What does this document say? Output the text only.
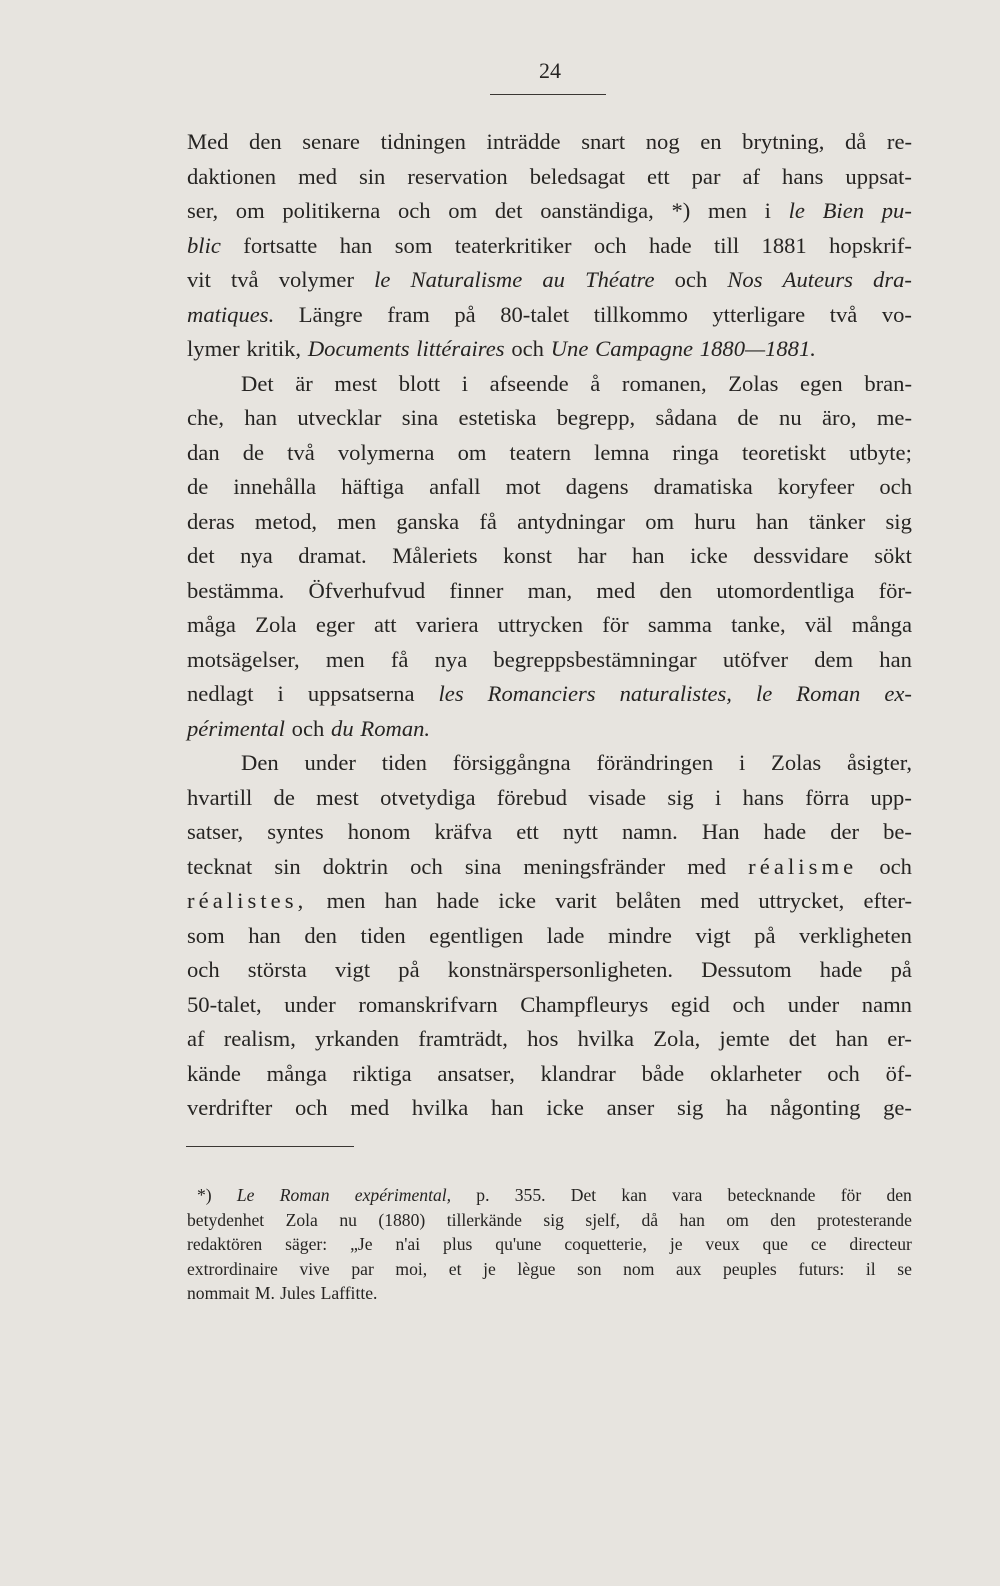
24
Med den senare tidningen inträdde snart nog en brytning, då re-
daktionen med sin reservation beledsagat ett par af hans uppsat-
ser, om politikerna och om det oanständiga, *) men i le Bien pu-
blic fortsatte han som teaterkritiker och hade till 1881 hopskrif-
vit två volymer le Naturalisme au Théatre och Nos Auteurs dra-
matiques. Längre fram på 80-talet tillkommo ytterligare två vo-
lymer kritik, Documents littéraires och Une Campagne 1880—1881.
Det är mest blott i afseende å romanen, Zolas egen bran-
che, han utvecklar sina estetiska begrepp, sådana de nu äro, me-
dan de två volymerna om teatern lemna ringa teoretiskt utbyte;
de innehålla häftiga anfall mot dagens dramatiska koryfeer och
deras metod, men ganska få antydningar om huru han tänker sig
det nya dramat. Måleriets konst har han icke dessvidare sökt
bestämma. Öfverhufvud finner man, med den utomordentliga för-
måga Zola eger att variera uttrycken för samma tanke, väl många
motsägelser, men få nya begreppsbestämningar utöfver dem han
nedlagt i uppsatserna les Romanciers naturalistes, le Roman ex-
périmental och du Roman.
Den under tiden försiggångna förändringen i Zolas åsigter,
hvartill de mest otvetydiga förebud visade sig i hans förra upp-
satser, syntes honom kräfva ett nytt namn. Han hade der be-
tecknat sin doktrin och sina meningsfränder med réalisme och
réalistes, men han hade icke varit belåten med uttrycket, efter-
som han den tiden egentligen lade mindre vigt på verkligheten
och största vigt på konstnärspersonligheten. Dessutom hade på
50-talet, under romanskrifvarn Champfleurys egid och under namn
af realism, yrkanden framträdt, hos hvilka Zola, jemte det han er-
kände många riktiga ansatser, klandrar både oklarheter och öf-
verdrifter och med hvilka han icke anser sig ha någonting ge-
*) Le Roman expérimental, p. 355. Det kan vara betecknande för den
betydenhet Zola nu (1880) tillerkände sig sjelf, då han om den protesterande
redaktören säger: „Je n'ai plus qu'une coquetterie, je veux que ce directeur
extrordinaire vive par moi, et je lègue son nom aux peuples futurs: il se
nommait M. Jules Laffitte.
